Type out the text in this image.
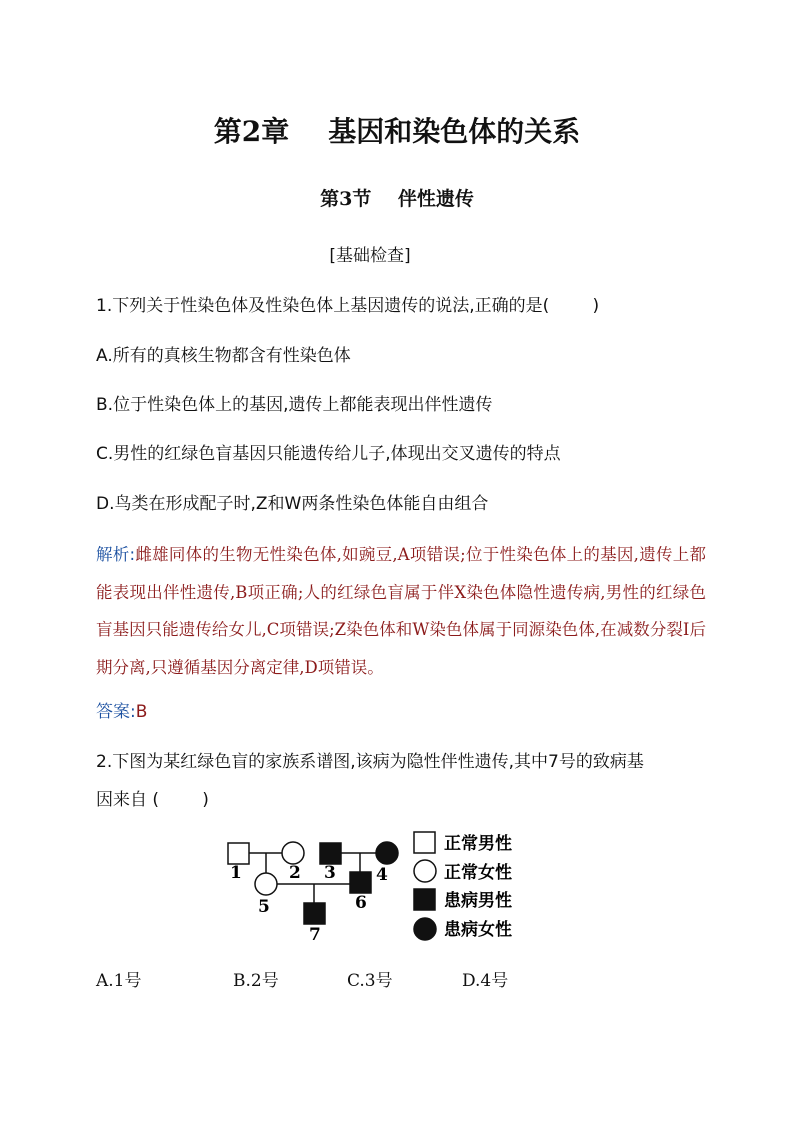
第2章    基因和染色体的关系
第3节    伴性遗传
[基础检查]
1.下列关于性染色体及性染色体上基因遗传的说法,正确的是(        )
A.所有的真核生物都含有性染色体
B.位于性染色体上的基因,遗传上都能表现出伴性遗传
C.男性的红绿色盲基因只能遗传给儿子,体现出交叉遗传的特点
D.鸟类在形成配子时,Z和W两条性染色体能自由组合
解析:雌雄同体的生物无性染色体,如豌豆,A项错误;位于性染色体上的基因,遗传上都能表现出伴性遗传,B项正确;人的红绿色盲属于伴X染色体隐性遗传病,男性的红绿色盲基因只能遗传给女儿,C项错误;Z染色体和W染色体属于同源染色体,在减数分裂Ⅰ后期分离,只遵循基因分离定律,D项错误。
答案:B
2.下图为某红绿色盲的家族系谱图,该病为隐性伴性遗传,其中7号的致病基
因来自 (        )
1	2 3 4
5	6
7
正常男性
正常女性
患病男性
患病女性
A.1号	B.2号	C.3号	D.4号
